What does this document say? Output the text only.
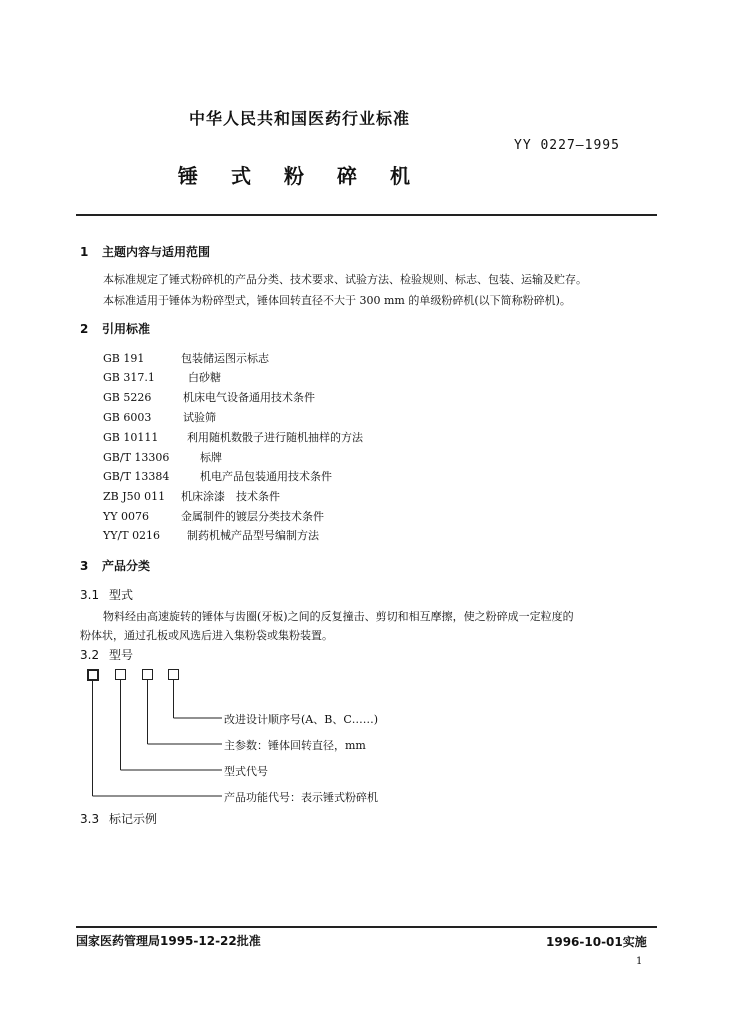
中华人民共和国医药行业标准
YY 0227—1995
锤式粉碎机
1 主题内容与适用范围
本标准规定了锤式粉碎机的产品分类、技术要求、试验方法、检验规则、标志、包装、运输及贮存。
本标准适用于锤体为粉碎型式，锤体回转直径不大于 300 mm 的单级粉碎机(以下简称粉碎机)。
2 引用标准
GB 191	包装储运图示标志
GB 317.1	白砂糖
GB 5226	机床电气设备通用技术条件
GB 6003	试验筛
GB 10111	利用随机数骰子进行随机抽样的方法
GB/T 13306	标牌
GB/T 13384	机电产品包装通用技术条件
ZB J50 011 机床涂漆　技术条件
YY 0076	金属制件的镀层分类技术条件
YY/T 0216 制药机械产品型号编制方法
3 产品分类
3.1 型式
物料经由高速旋转的锤体与齿圈(牙板)之间的反复撞击、剪切和相互摩擦，使之粉碎成一定粒度的
粉体状，通过孔板或风选后进入集粉袋或集粉装置。
3.2 型号
改进设计顺序号(A、B、C……)
主参数：锤体回转直径，mm
型式代号
产品功能代号：表示锤式粉碎机
3.3 标记示例
国家医药管理局1995-12-22批准	1996-10-01实施
1
